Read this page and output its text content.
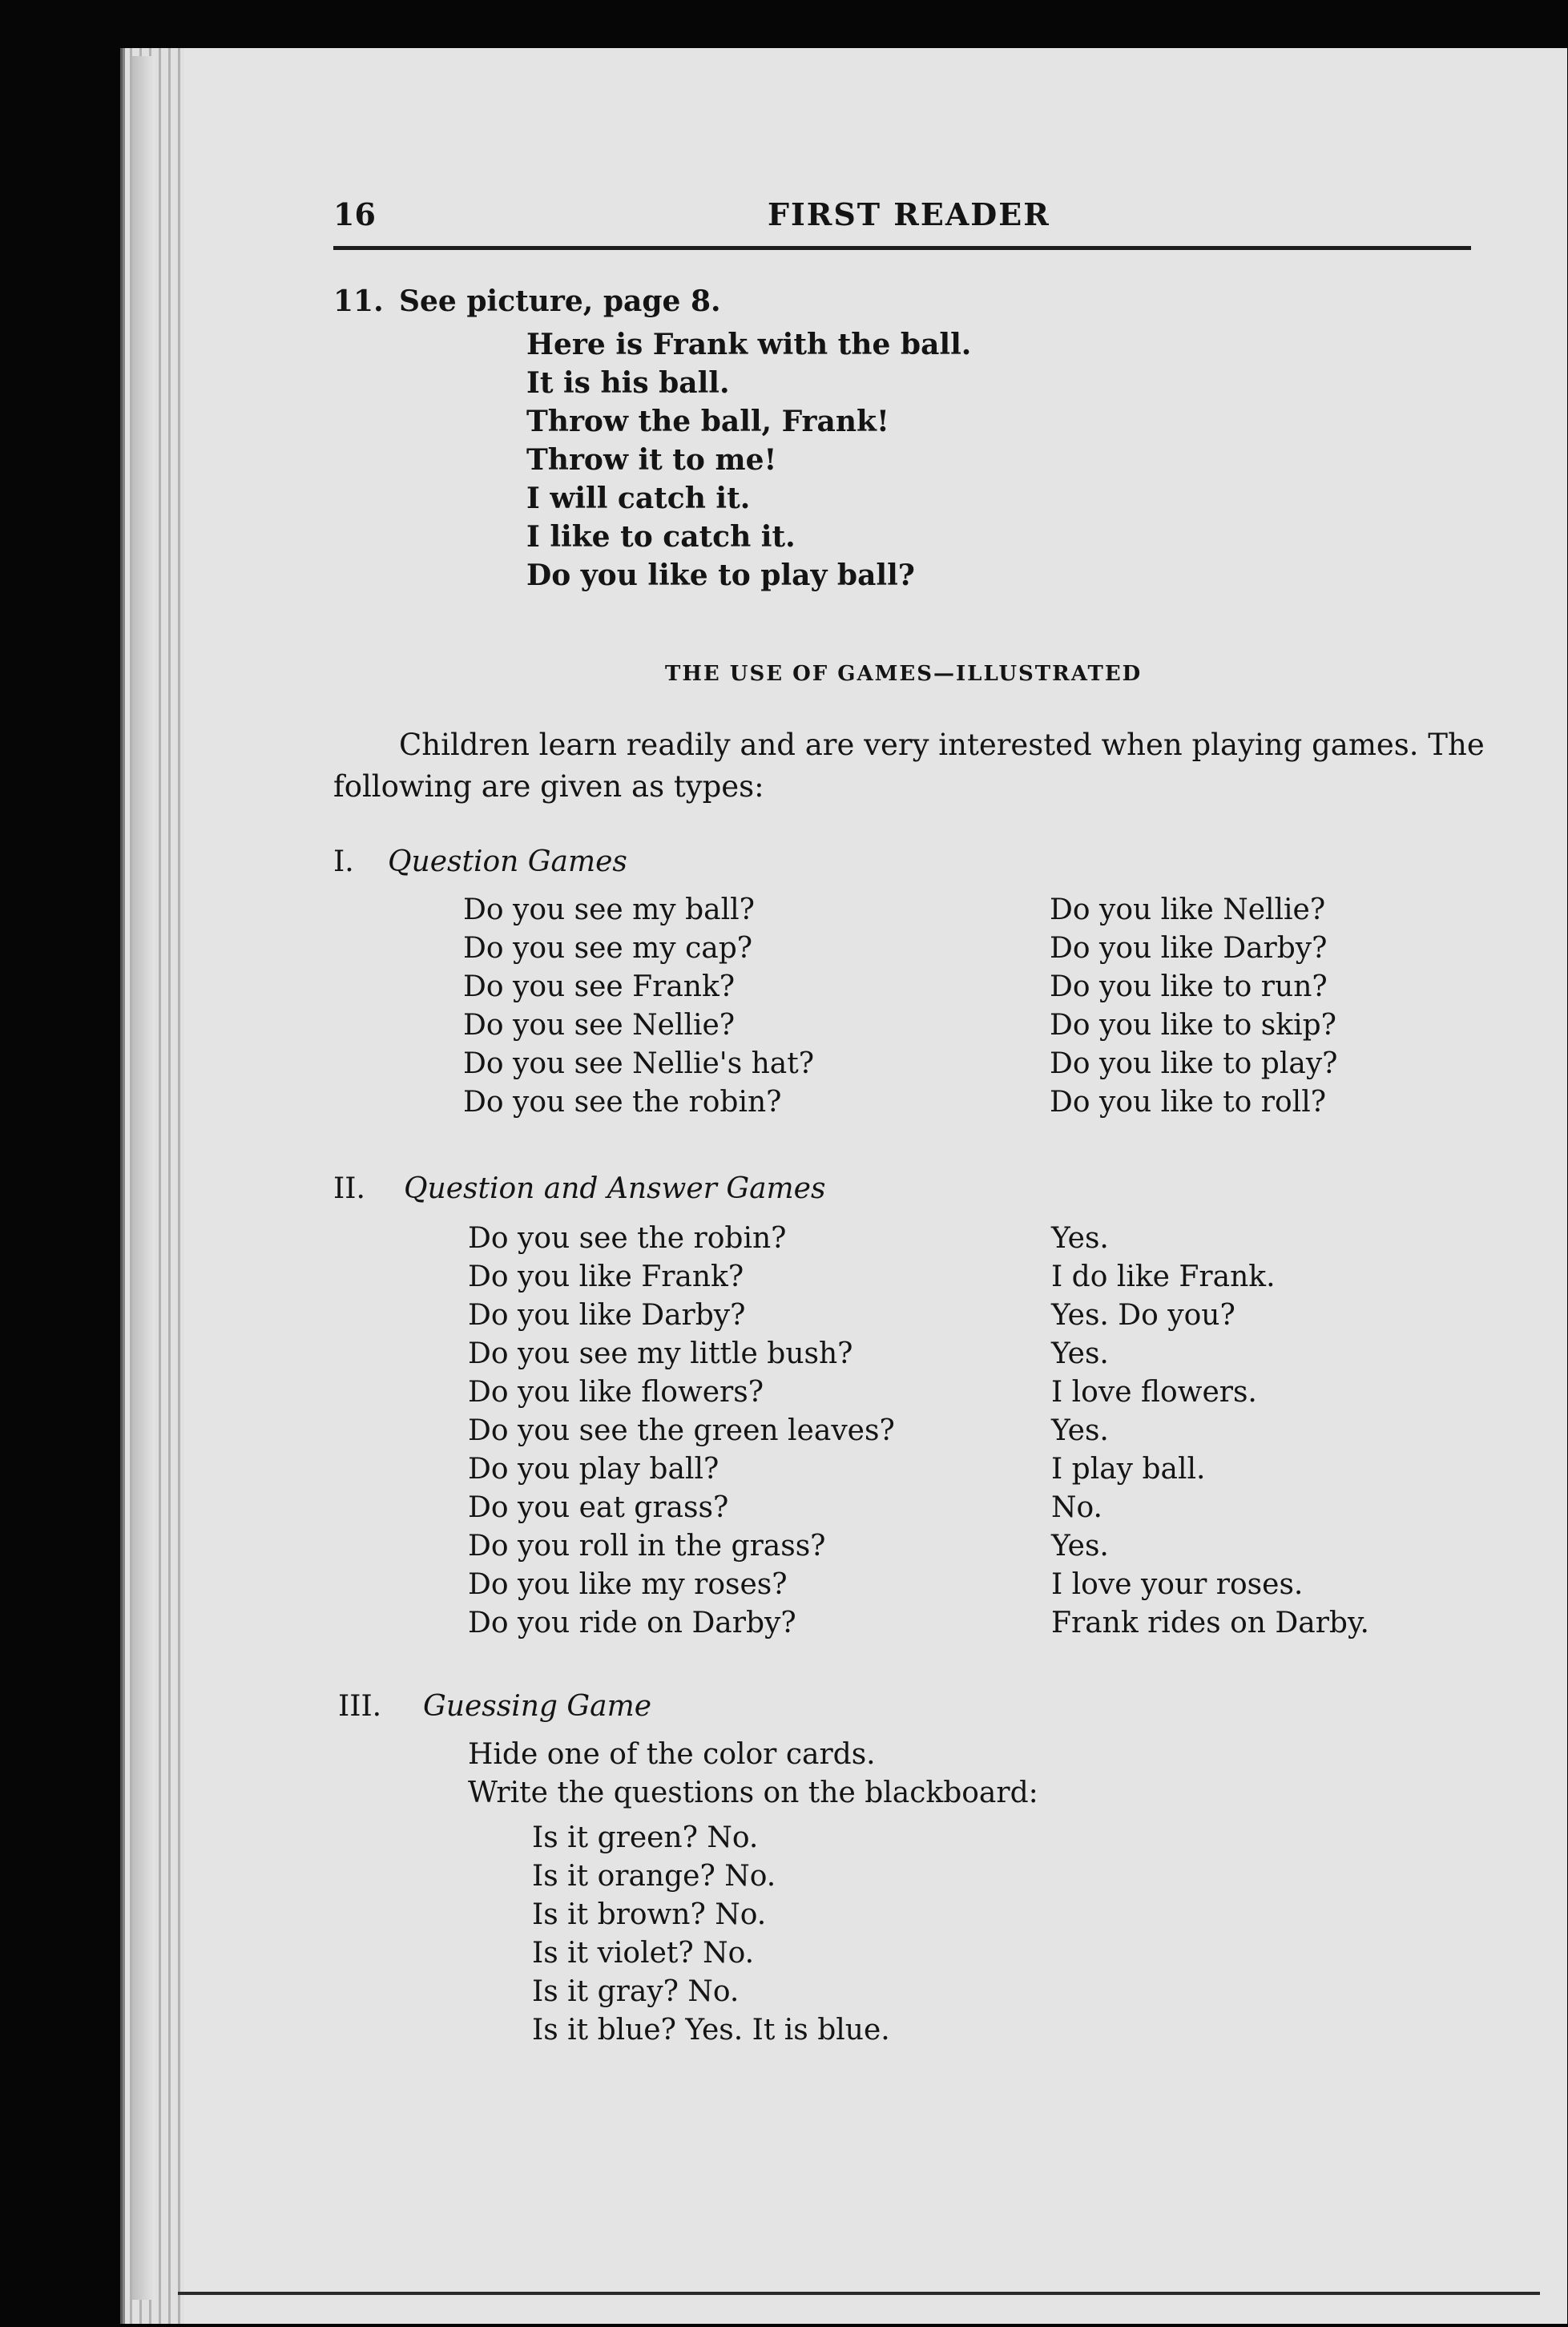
16	FIRST READER
11. See picture, page 8.
Here is Frank with the ball.
It is his ball.
Throw the ball, Frank!
Throw it to me!
I will catch it.
I like to catch it.
Do you like to play ball?
THE USE OF GAMES—ILLUSTRATED
Children learn readily and are very interested when playing games. The
following are given as types:
I. Question Games
Do you see my ball?
Do you see my cap?
Do you see Frank?
Do you see Nellie?
Do you see Nellie's hat?
Do you see the robin?
Do you like Nellie?
Do you like Darby?
Do you like to run?
Do you like to skip?
Do you like to play?
Do you like to roll?
II. Question and Answer Games
Do you see the robin?
Do you like Frank?
Do you like Darby?
Do you see my little bush?
Do you like flowers?
Do you see the green leaves?
Do you play ball?
Do you eat grass?
Do you roll in the grass?
Do you like my roses?
Do you ride on Darby?
Yes.
I do like Frank.
Yes. Do you?
Yes.
I love flowers.
Yes.
I play ball.
No.
Yes.
I love your roses.
Frank rides on Darby.
III. Guessing Game
Hide one of the color cards.
Write the questions on the blackboard:
Is it green? No.
Is it orange? No.
Is it brown? No.
Is it violet? No.
Is it gray? No.
Is it blue? Yes. It is blue.
